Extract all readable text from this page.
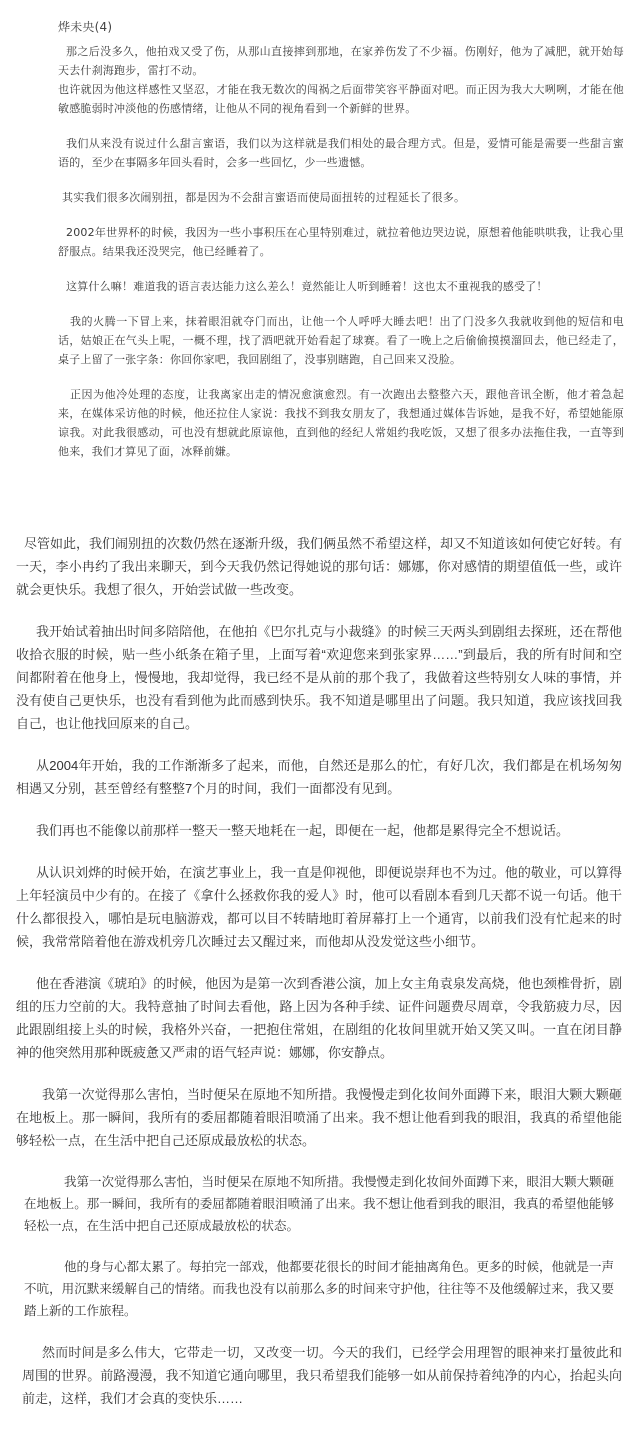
烨未央(4)

那之后没多久，他拍戏又受了伤，从那山直接摔到那地，在家养伤发了不少福。伤刚好，他为了减肥，就开始每天去什刹海跑步，雷打不动。

也许就因为他这样感性又坚忍，才能在我无数次的闯祸之后面带笑容平静面对吧。而正因为我大大咧咧，才能在他敏感脆弱时冲淡他的伤感情绪，让他从不同的视角看到一个新鲜的世界。

我们从来没有说过什么甜言蜜语，我们以为这样就是我们相处的最合理方式。但是，爱情可能是需要一些甜言蜜语的，至少在事隔多年回头看时，会多一些回忆，少一些遗憾。

其实我们很多次闹别扭，都是因为不会甜言蜜语而使局面扭转的过程延长了很多。

2002年世界杯的时候，我因为一些小事积压在心里特别难过，就拉着他边哭边说，原想着他能哄哄我，让我心里舒服点。结果我还没哭完，他已经睡着了。

这算什么嘛！难道我的语言表达能力这么差么！竟然能让人听到睡着！这也太不重视我的感受了！

我的火腾一下冒上来，抹着眼泪就夺门而出，让他一个人呼呼大睡去吧！出了门没多久我就收到他的短信和电话，姑娘正在气头上呢，一概不理，找了酒吧就开始看起了球赛。看了一晚上之后偷偷摸摸溜回去，他已经走了，桌子上留了一张字条：你回你家吧，我回剧组了，没事别瞎跑，自己回来又没脸。

正因为他冷处理的态度，让我离家出走的情况愈演愈烈。有一次跑出去整整六天，跟他音讯全断，他才着急起来，在媒体采访他的时候，他还拉住人家说：我找不到我女朋友了，我想通过媒体告诉她，是我不好，希望她能原谅我。对此我很感动，可也没有想就此原谅他，直到他的经纪人常姐约我吃饭，又想了很多办法拖住我，一直等到他来，我们才算见了面，冰释前嫌。

尽管如此，我们闹别扭的次数仍然在逐渐升级，我们俩虽然不希望这样，却又不知道该如何使它好转。有一天，李小冉约了我出来聊天，到今天我仍然记得她说的那句话：娜娜，你对感情的期望值低一些，或许就会更快乐。我想了很久，开始尝试做一些改变。

我开始试着抽出时间多陪陪他，在他拍《巴尔扎克与小裁缝》的时候三天两头到剧组去探班，还在帮他收拾衣服的时候，贴一些小纸条在箱子里，上面写着“欢迎您来到张家界……”到最后，我的所有时间和空间都附着在他身上，慢慢地，我却觉得，我已经不是从前的那个我了，我做着这些特别女人味的事情，并没有使自己更快乐，也没有看到他为此而感到快乐。我不知道是哪里出了问题。我只知道，我应该找回我自己，也让他找回原来的自己。

从2004年开始，我的工作渐渐多了起来，而他，自然还是那么的忙，有好几次，我们都是在机场匆匆相遇又分别，甚至曾经有整整7个月的时间，我们一面都没有见到。

我们再也不能像以前那样一整天一整天地耗在一起，即便在一起，他都是累得完全不想说话。

从认识刘烨的时候开始，在演艺事业上，我一直是仰视他，即便说崇拜也不为过。他的敬业，可以算得上年轻演员中少有的。在接了《拿什么拯救你我的爱人》时，他可以看剧本看到几天都不说一句话。他干什么都很投入，哪怕是玩电脑游戏，都可以目不转睛地盯着屏幕打上一个通宵，以前我们没有忙起来的时候，我常常陪着他在游戏机旁几次睡过去又醒过来，而他却从没发觉这些小细节。

他在香港演《琥珀》的时候，他因为是第一次到香港公演，加上女主角袁泉发高烧，他也颈椎骨折，剧组的压力空前的大。我特意抽了时间去看他，路上因为各种手续、证件问题费尽周章，令我筋疲力尽，因此跟剧组接上头的时候，我格外兴奋，一把抱住常姐，在剧组的化妆间里就开始又笑又叫。一直在闭目静神的他突然用那种既疲惫又严肃的语气轻声说：娜娜，你安静点。

我第一次觉得那么害怕，当时便呆在原地不知所措。我慢慢走到化妆间外面蹲下来，眼泪大颗大颗砸在地板上。那一瞬间，我所有的委屈都随着眼泪喷涌了出来。我不想让他看到我的眼泪，我真的希望他能够轻松一点，在生活中把自己还原成最放松的状态。

我第一次觉得那么害怕，当时便呆在原地不知所措。我慢慢走到化妆间外面蹲下来，眼泪大颗大颗砸在地板上。那一瞬间，我所有的委屈都随着眼泪喷涌了出来。我不想让他看到我的眼泪，我真的希望他能够轻松一点，在生活中把自己还原成最放松的状态。

他的身与心都太累了。每拍完一部戏，他都要花很长的时间才能抽离角色。更多的时候，他就是一声不吭，用沉默来缓解自己的情绪。而我也没有以前那么多的时间来守护他，往往等不及他缓解过来，我又要踏上新的工作旅程。

然而时间是多么伟大，它带走一切，又改变一切。今天的我们，已经学会用理智的眼神来打量彼此和周围的世界。前路漫漫，我不知道它通向哪里，我只希望我们能够一如从前保持着纯净的内心，抬起头向前走，这样，我们才会真的变快乐……
